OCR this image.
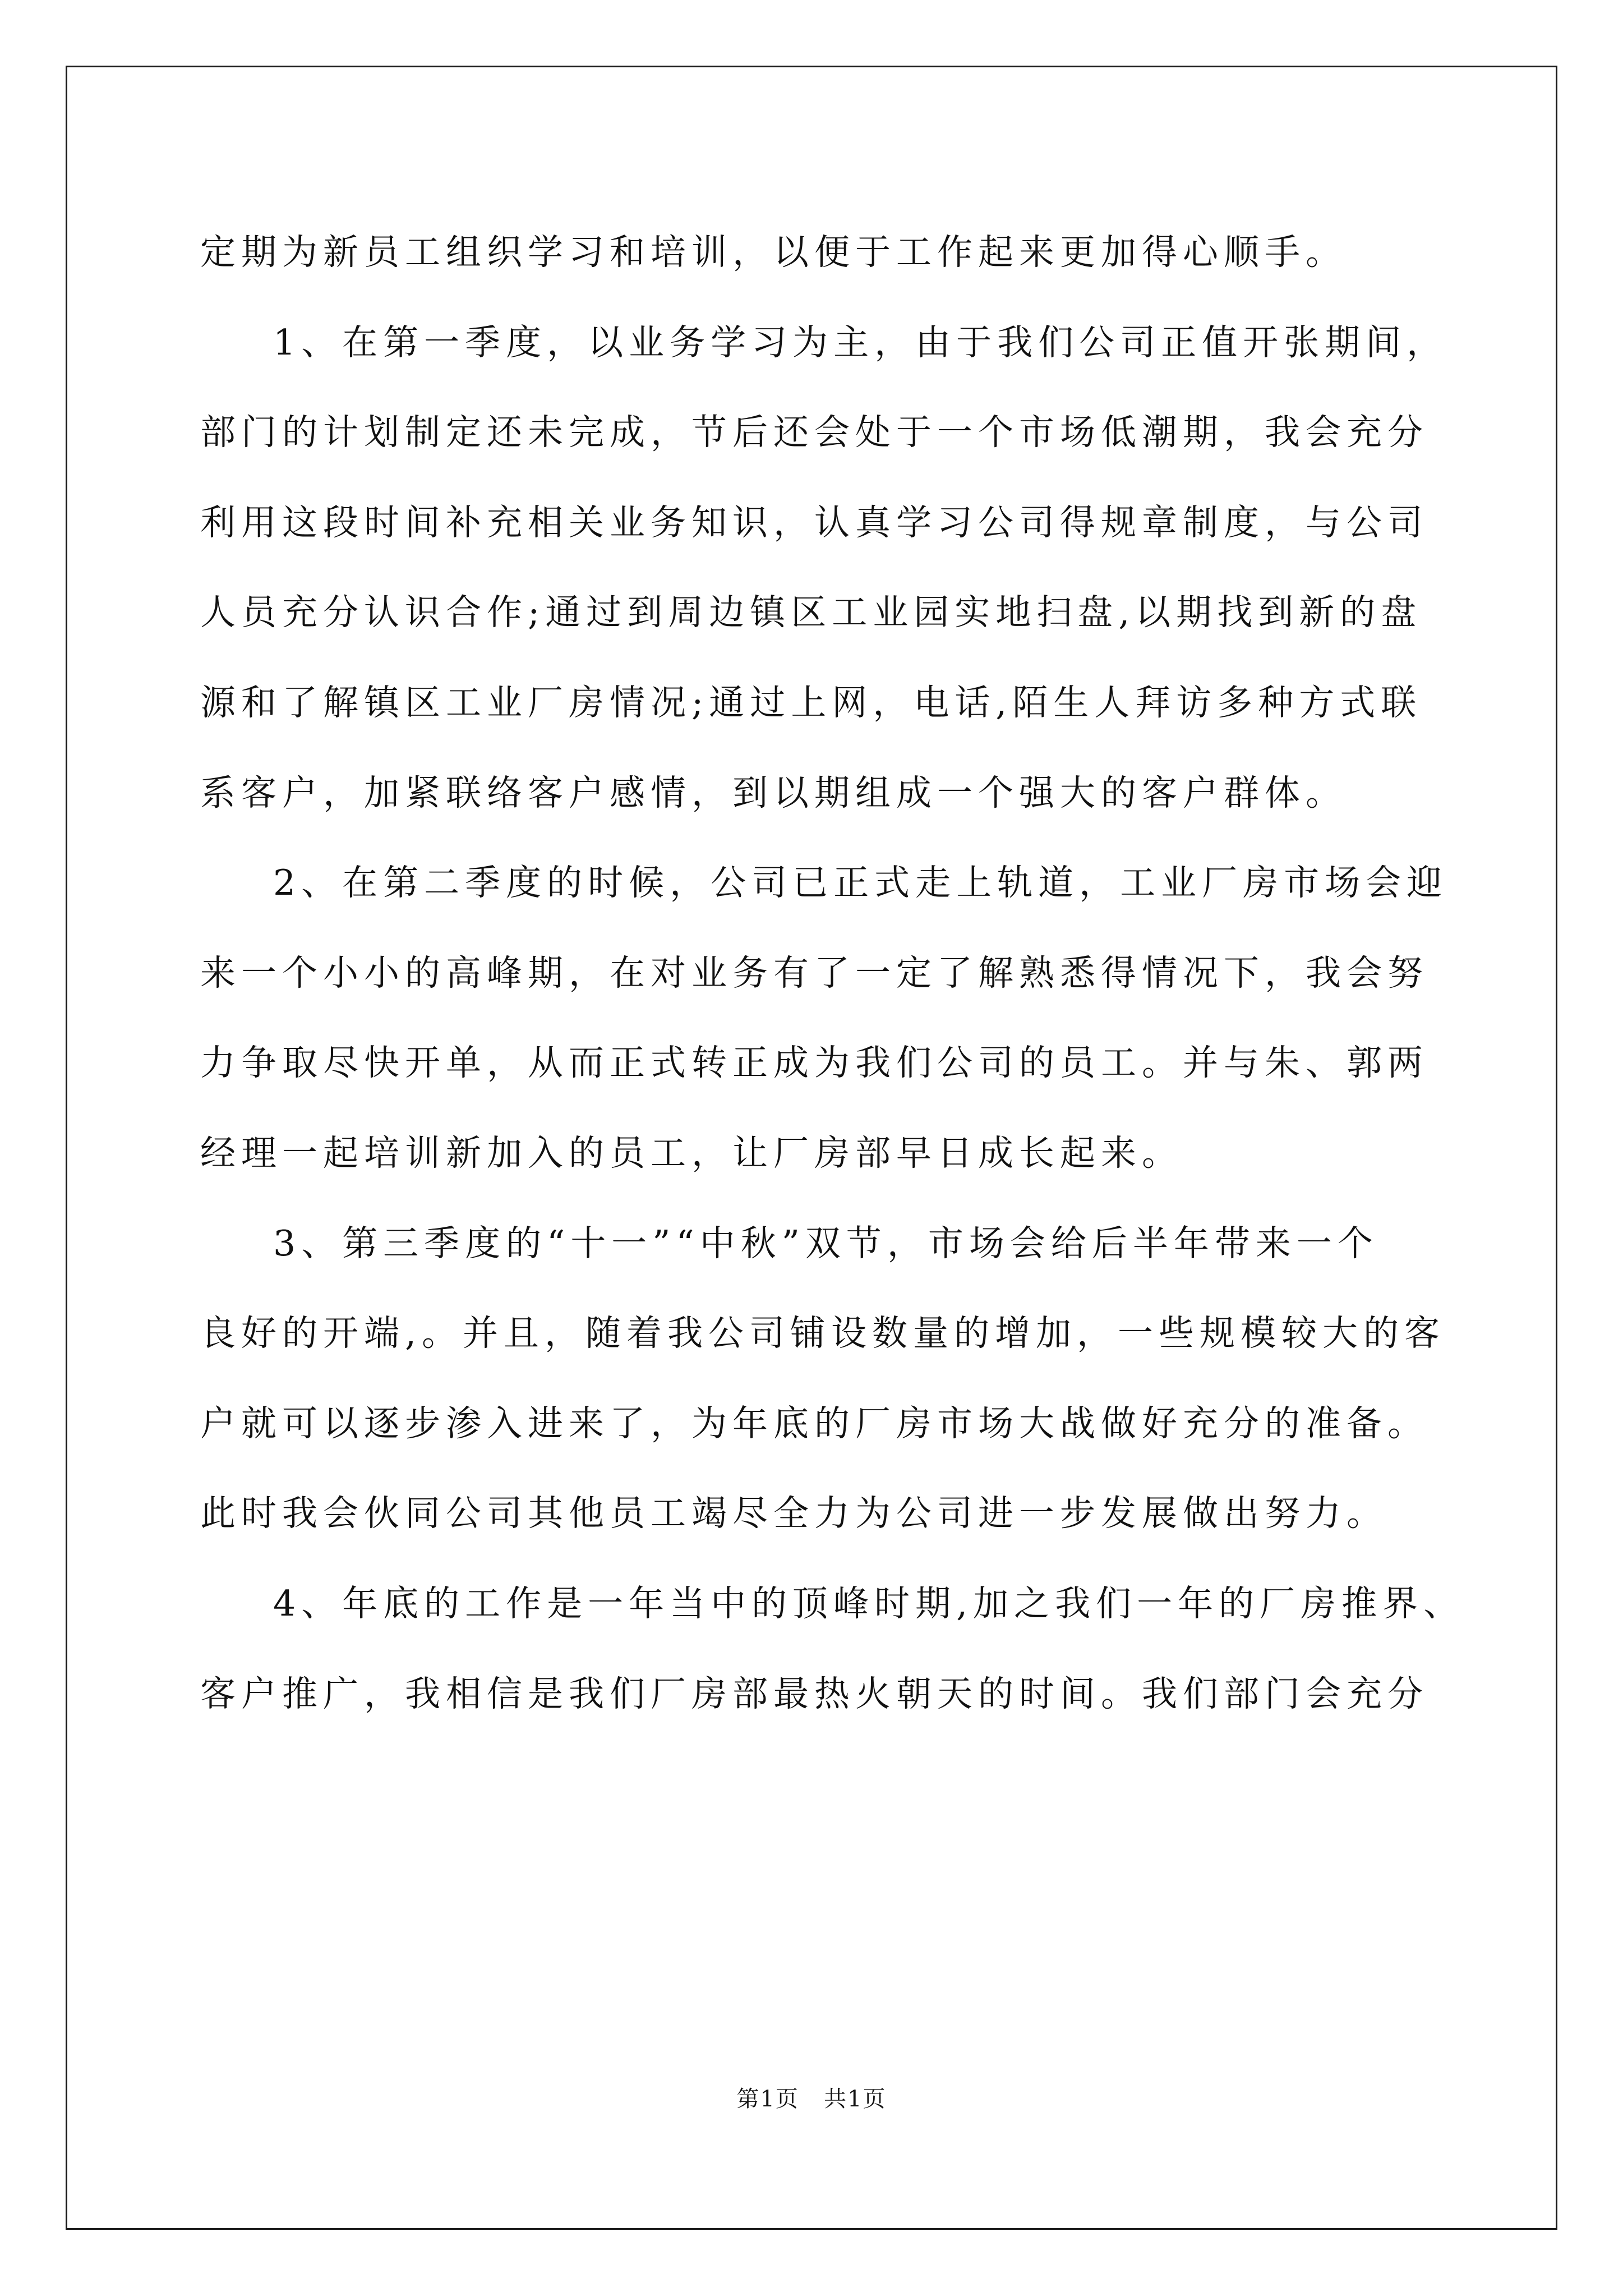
定期为新员工组织学习和培训，以便于工作起来更加得心顺手。
1、在第一季度，以业务学习为主，由于我们公司正值开张期间，
部门的计划制定还未完成，节后还会处于一个市场低潮期，我会充分
利用这段时间补充相关业务知识，认真学习公司得规章制度，与公司
人员充分认识合作;通过到周边镇区工业园实地扫盘,以期找到新的盘
源和了解镇区工业厂房情况;通过上网，电话,陌生人拜访多种方式联
系客户，加紧联络客户感情，到以期组成一个强大的客户群体。
2、在第二季度的时候，公司已正式走上轨道，工业厂房市场会迎
来一个小小的高峰期，在对业务有了一定了解熟悉得情况下，我会努
力争取尽快开单，从而正式转正成为我们公司的员工。并与朱、郭两
经理一起培训新加入的员工，让厂房部早日成长起来。
3、第三季度的“十一”“中秋”双节，市场会给后半年带来一个
良好的开端,。并且，随着我公司铺设数量的增加，一些规模较大的客
户就可以逐步渗入进来了，为年底的厂房市场大战做好充分的准备。
此时我会伙同公司其他员工竭尽全力为公司进一步发展做出努力。
4、年底的工作是一年当中的顶峰时期,加之我们一年的厂房推界、
客户推广，我相信是我们厂房部最热火朝天的时间。我们部门会充分
第1页   共1页
